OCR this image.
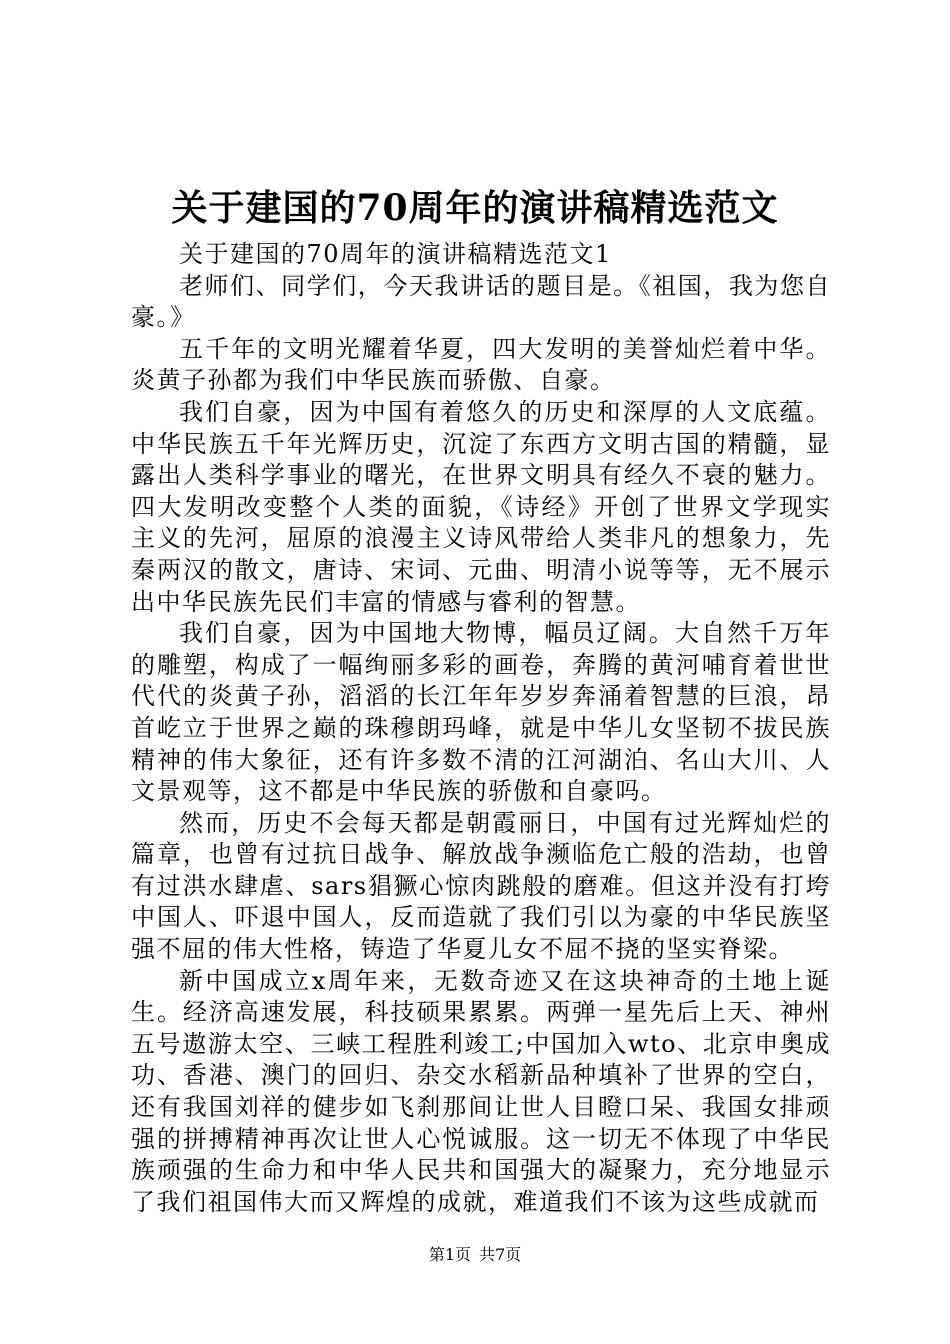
关于建国的70周年的演讲稿精选范文

关于建国的70周年的演讲稿精选范文1

老师们、同学们，今天我讲话的题目是。《祖国，我为您自豪。》

五千年的文明光耀着华夏，四大发明的美誉灿烂着中华。炎黄子孙都为我们中华民族而骄傲、自豪。

我们自豪，因为中国有着悠久的历史和深厚的人文底蕴。中华民族五千年光辉历史，沉淀了东西方文明古国的精髓，显露出人类科学事业的曙光，在世界文明具有经久不衰的魅力。四大发明改变整个人类的面貌，《诗经》开创了世界文学现实主义的先河，屈原的浪漫主义诗风带给人类非凡的想象力，先秦两汉的散文，唐诗、宋词、元曲、明清小说等等，无不展示出中华民族先民们丰富的情感与睿利的智慧。

我们自豪，因为中国地大物博，幅员辽阔。大自然千万年的雕塑，构成了一幅绚丽多彩的画卷，奔腾的黄河哺育着世世代代的炎黄子孙，滔滔的长江年年岁岁奔涌着智慧的巨浪，昂首屹立于世界之巅的珠穆朗玛峰，就是中华儿女坚韧不拔民族精神的伟大象征，还有许多数不清的江河湖泊、名山大川、人文景观等，这不都是中华民族的骄傲和自豪吗。

然而，历史不会每天都是朝霞丽日，中国有过光辉灿烂的篇章，也曾有过抗日战争、解放战争濒临危亡般的浩劫，也曾有过洪水肆虐、sars猖獗心惊肉跳般的磨难。但这并没有打垮中国人、吓退中国人，反而造就了我们引以为豪的中华民族坚强不屈的伟大性格，铸造了华夏儿女不屈不挠的坚实脊梁。

新中国成立x周年来，无数奇迹又在这块神奇的土地上诞生。经济高速发展，科技硕果累累。两弹一星先后上天、神州五号遨游太空、三峡工程胜利竣工;中国加入wto、北京申奥成功、香港、澳门的回归、杂交水稻新品种填补了世界的空白，还有我国刘祥的健步如飞刹那间让世人目瞪口呆、我国女排顽强的拼搏精神再次让世人心悦诚服。这一切无不体现了中华民族顽强的生命力和中华人民共和国强大的凝聚力，充分地显示了我们祖国伟大而又辉煌的成就，难道我们不该为这些成就而

第1页 共7页
